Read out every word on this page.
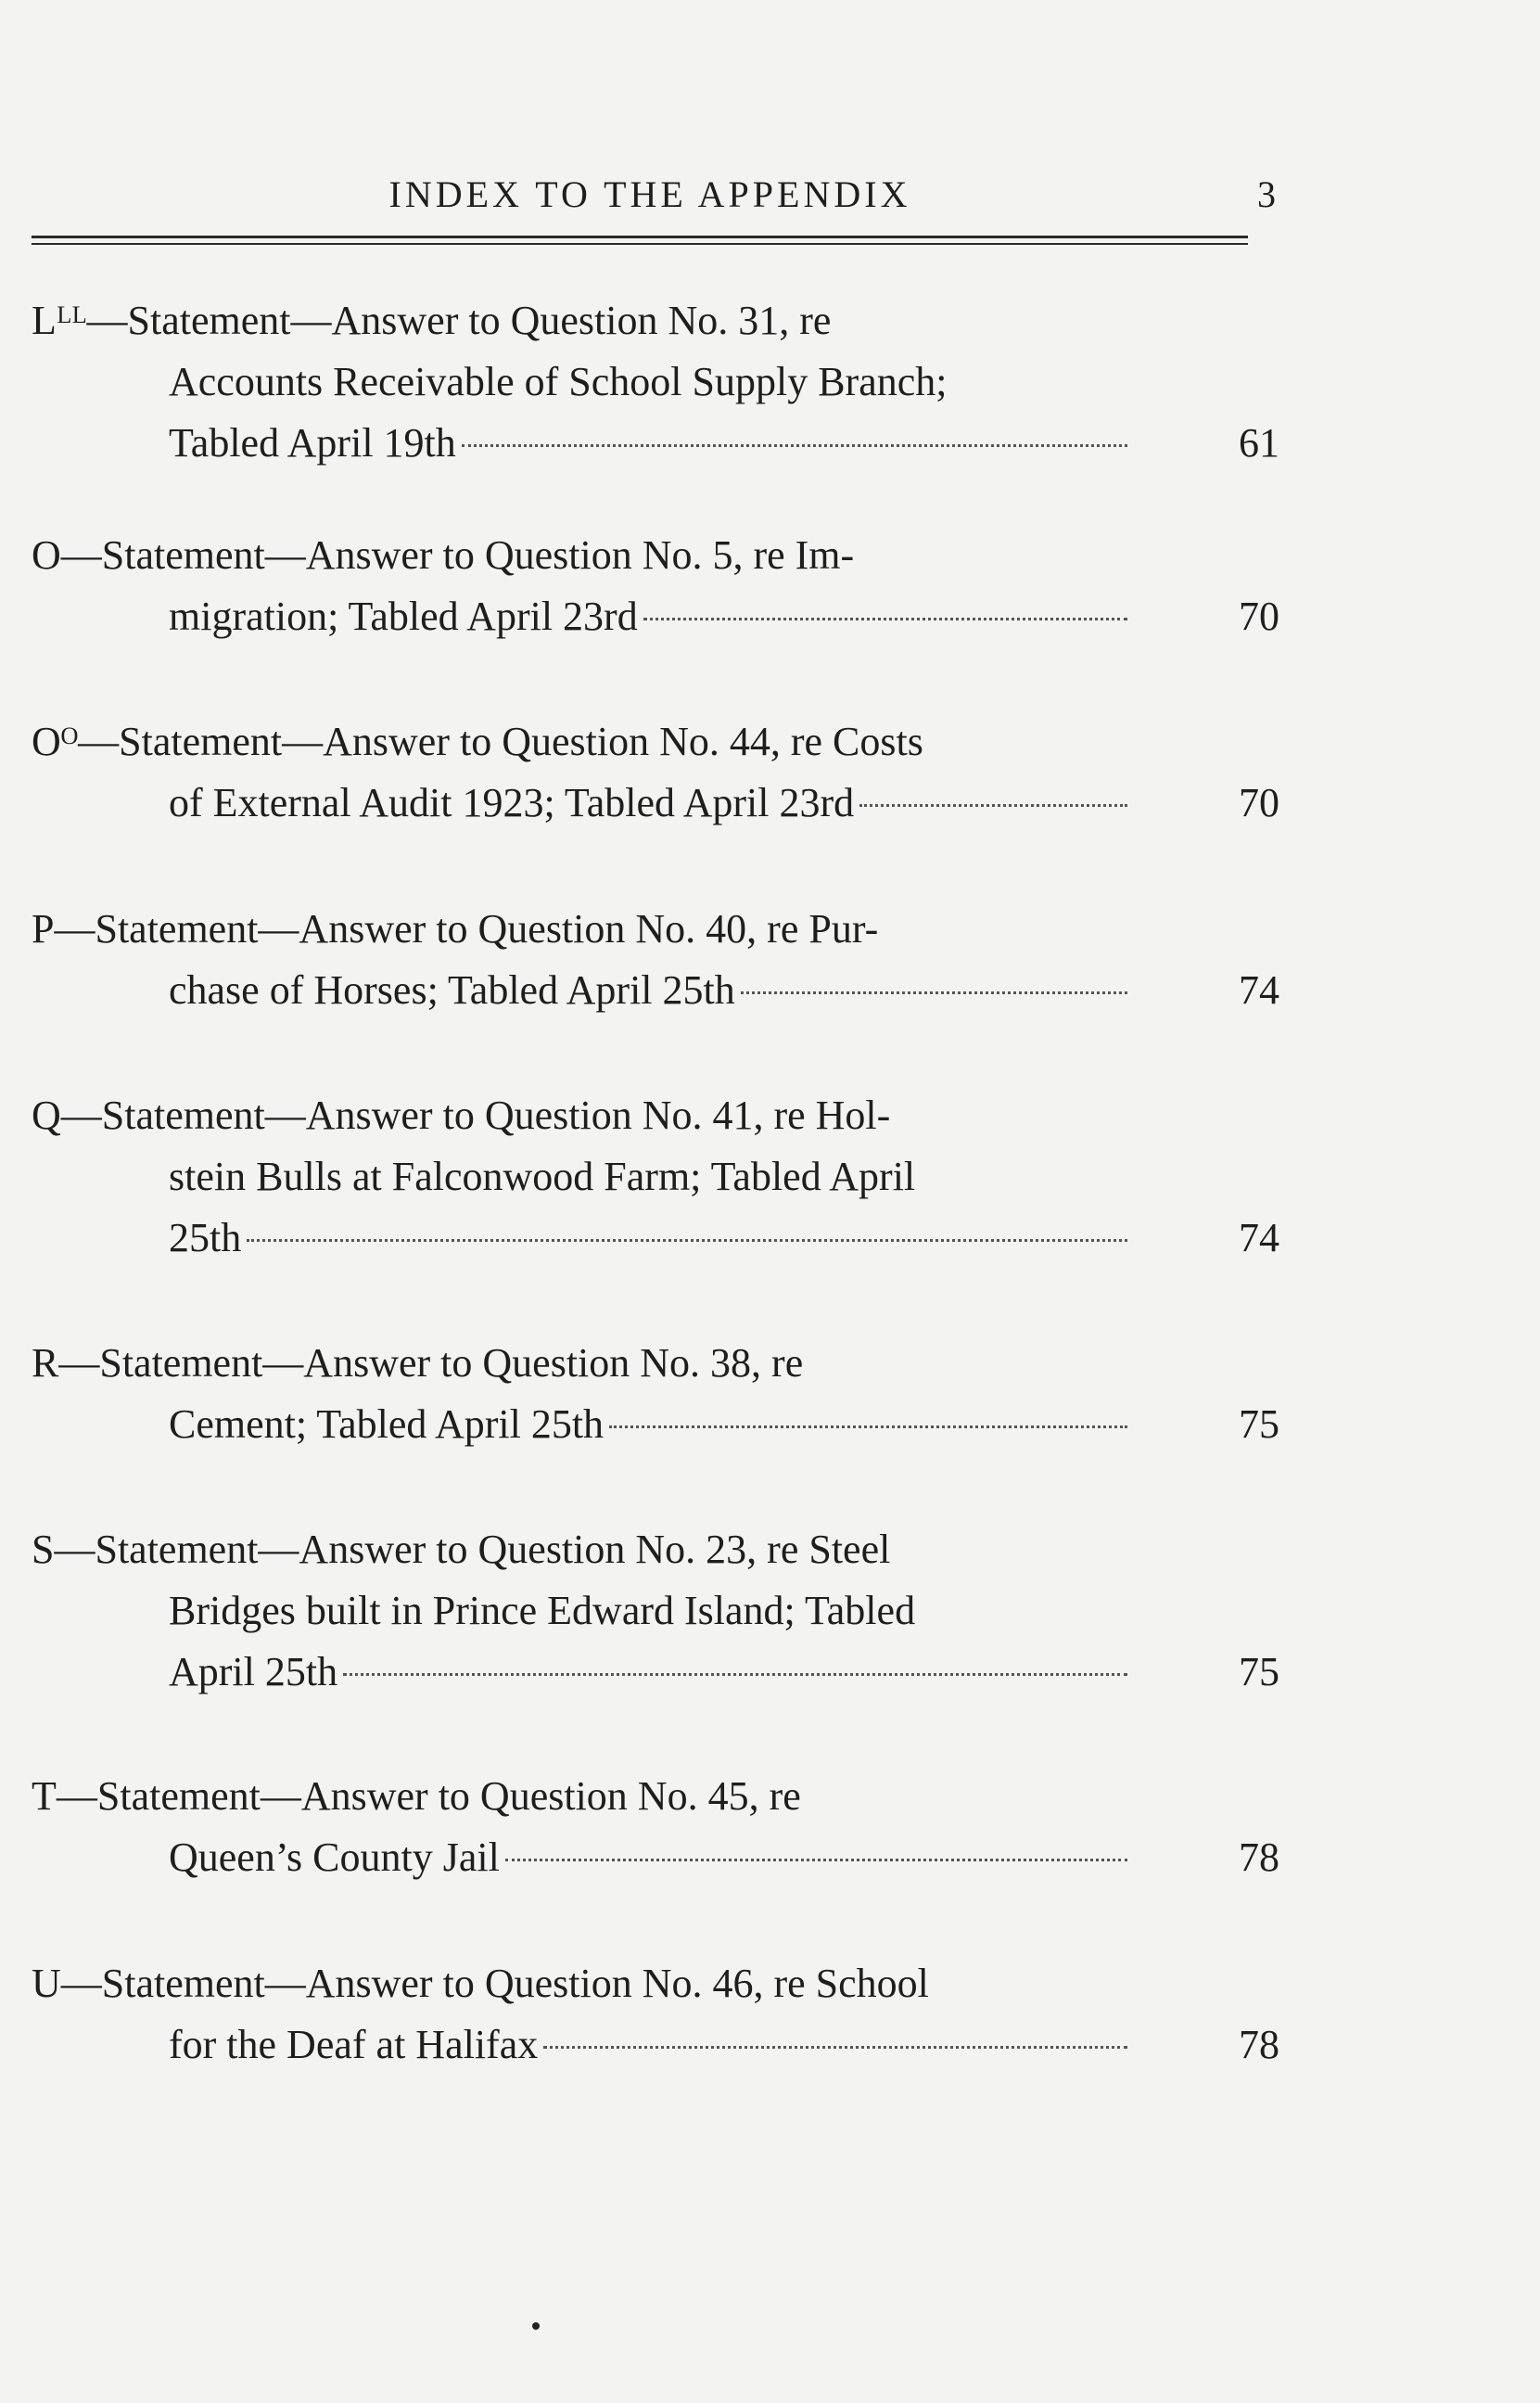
INDEX TO THE APPENDIX	3
Lᴸᴸ—Statement—Answer to Question No. 31, re
Accounts Receivable of School Supply Branch;
Tabled April 19th	61
O—Statement—Answer to Question No. 5, re Im-
migration; Tabled April 23rd	70
Oᴼ—Statement—Answer to Question No. 44, re Costs
of External Audit 1923; Tabled April 23rd	70
P—Statement—Answer to Question No. 40, re Pur-
chase of Horses; Tabled April 25th	74
Q—Statement—Answer to Question No. 41, re Hol-
stein Bulls at Falconwood Farm; Tabled April
25th	74
R—Statement—Answer to Question No. 38, re
Cement; Tabled April 25th	75
S—Statement—Answer to Question No. 23, re Steel
Bridges built in Prince Edward Island; Tabled
April 25th	75
T—Statement—Answer to Question No. 45, re
Queen’s County Jail	78
U—Statement—Answer to Question No. 46, re School
for the Deaf at Halifax	78
